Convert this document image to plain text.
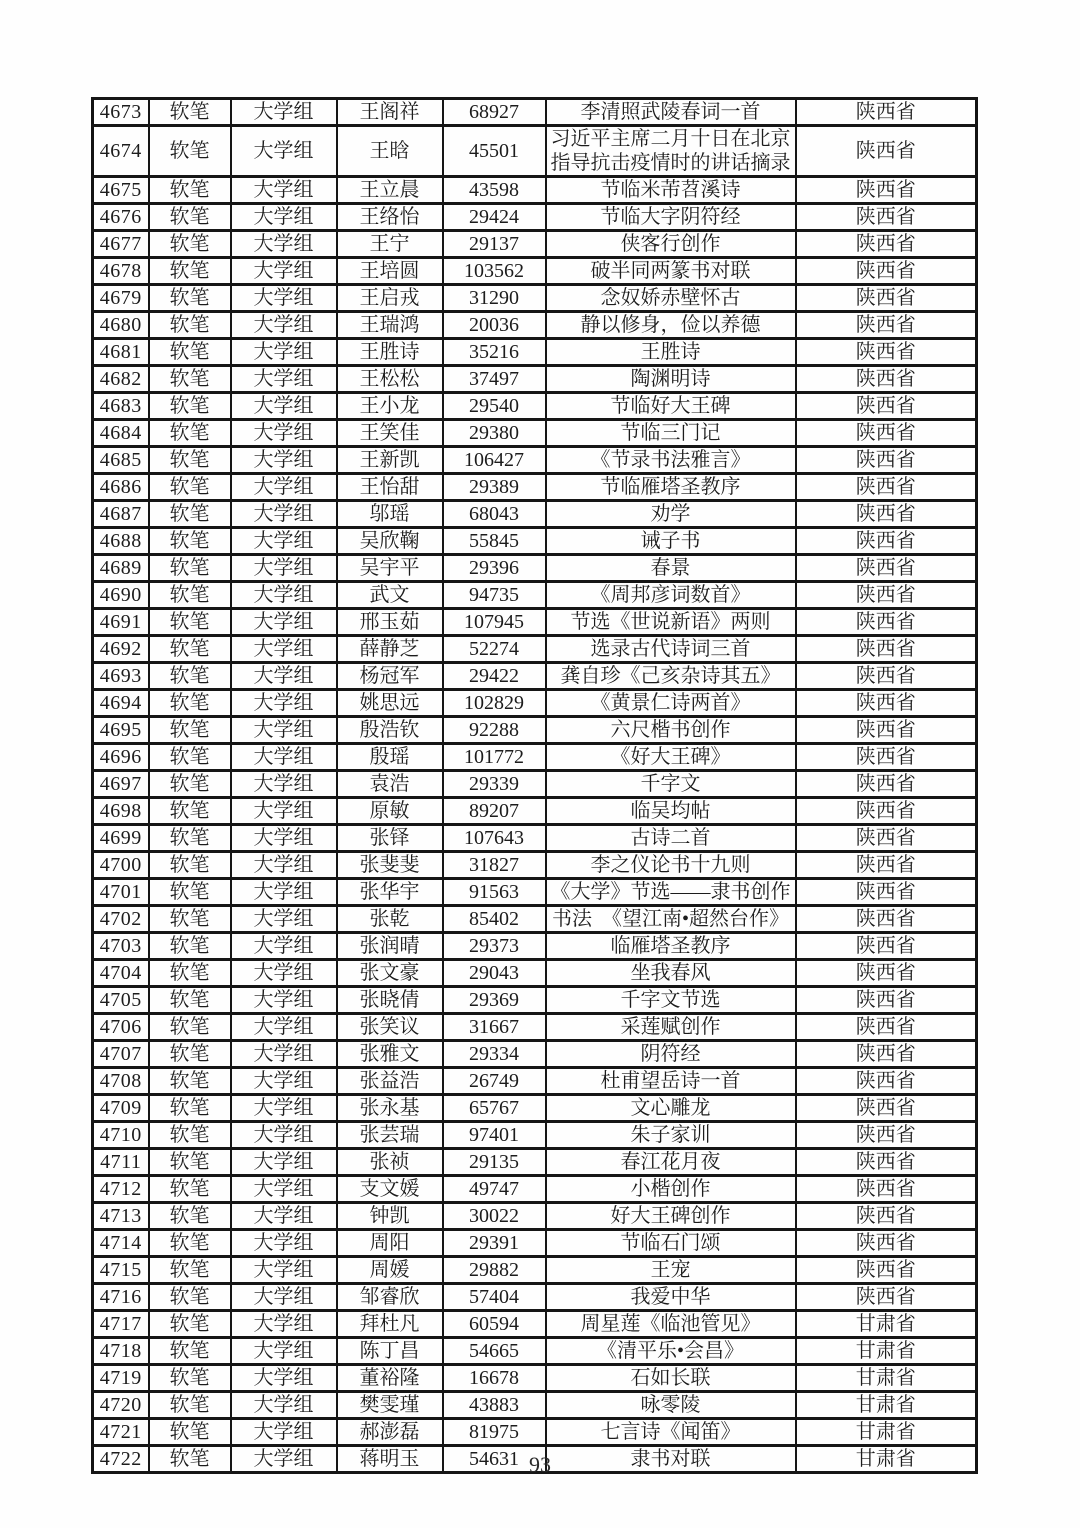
4673	软笔	大学组	王阁祥	68927	李清照武陵春词一首	陕西省
4674	软笔	大学组	王晗	45501	习近平主席二月十日在北京指导抗击疫情时的讲话摘录	陕西省
4675	软笔	大学组	王立晨	43598	节临米芾苕溪诗	陕西省
4676	软笔	大学组	王络怡	29424	节临大字阴符经	陕西省
4677	软笔	大学组	王宁	29137	侠客行创作	陕西省
4678	软笔	大学组	王培圆	103562	破半同两篆书对联	陕西省
4679	软笔	大学组	王启戎	31290	念奴娇赤壁怀古	陕西省
4680	软笔	大学组	王瑞鸿	20036	静以修身，俭以养德	陕西省
4681	软笔	大学组	王胜诗	35216	王胜诗	陕西省
4682	软笔	大学组	王松松	37497	陶渊明诗	陕西省
4683	软笔	大学组	王小龙	29540	节临好大王碑	陕西省
4684	软笔	大学组	王笑佳	29380	节临三门记	陕西省
4685	软笔	大学组	王新凯	106427	《节录书法雅言》	陕西省
4686	软笔	大学组	王怡甜	29389	节临雁塔圣教序	陕西省
4687	软笔	大学组	邬瑶	68043	劝学	陕西省
4688	软笔	大学组	吴欣鞠	55845	诫子书	陕西省
4689	软笔	大学组	吴宇平	29396	春景	陕西省
4690	软笔	大学组	武文	94735	《周邦彦词数首》	陕西省
4691	软笔	大学组	邢玉茹	107945	节选《世说新语》两则	陕西省
4692	软笔	大学组	薛静芝	52274	选录古代诗词三首	陕西省
4693	软笔	大学组	杨冠军	29422	龚自珍《己亥杂诗其五》	陕西省
4694	软笔	大学组	姚思远	102829	《黄景仁诗两首》	陕西省
4695	软笔	大学组	殷浩钦	92288	六尺楷书创作	陕西省
4696	软笔	大学组	殷瑶	101772	《好大王碑》	陕西省
4697	软笔	大学组	袁浩	29339	千字文	陕西省
4698	软笔	大学组	原敏	89207	临吴均帖	陕西省
4699	软笔	大学组	张铎	107643	古诗二首	陕西省
4700	软笔	大学组	张斐斐	31827	李之仪论书十九则	陕西省
4701	软笔	大学组	张华宇	91563	《大学》节选——隶书创作	陕西省
4702	软笔	大学组	张乾	85402	书法　《望江南•超然台作》	陕西省
4703	软笔	大学组	张润晴	29373	临雁塔圣教序	陕西省
4704	软笔	大学组	张文豪	29043	坐我春风	陕西省
4705	软笔	大学组	张晓倩	29369	千字文节选	陕西省
4706	软笔	大学组	张笑议	31667	采莲赋创作	陕西省
4707	软笔	大学组	张雅文	29334	阴符经	陕西省
4708	软笔	大学组	张益浩	26749	杜甫望岳诗一首	陕西省
4709	软笔	大学组	张永基	65767	文心雕龙	陕西省
4710	软笔	大学组	张芸瑞	97401	朱子家训	陕西省
4711	软笔	大学组	张祯	29135	春江花月夜	陕西省
4712	软笔	大学组	支文媛	49747	小楷创作	陕西省
4713	软笔	大学组	钟凯	30022	好大王碑创作	陕西省
4714	软笔	大学组	周阳	29391	节临石门颂	陕西省
4715	软笔	大学组	周媛	29882	王宠	陕西省
4716	软笔	大学组	邹睿欣	57404	我爱中华	陕西省
4717	软笔	大学组	拜杜凡	60594	周星莲《临池管见》	甘肃省
4718	软笔	大学组	陈丁昌	54665	《清平乐•会昌》	甘肃省
4719	软笔	大学组	董裕隆	16678	石如长联	甘肃省
4720	软笔	大学组	樊雯瑾	43883	咏零陵	甘肃省
4721	软笔	大学组	郝澎磊	81975	七言诗《闻笛》	甘肃省
4722	软笔	大学组	蒋明玉	54631	隶书对联	甘肃省
93
